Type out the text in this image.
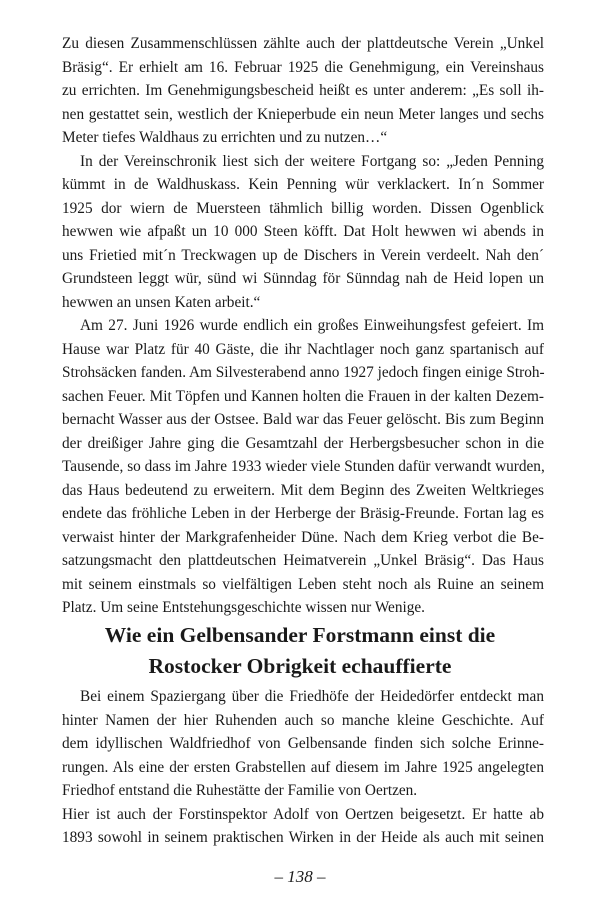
Zu diesen Zusammenschlüssen zählte auch der plattdeutsche Verein „Unkel
Bräsig“. Er erhielt am 16. Februar 1925 die Genehmigung, ein Vereinshaus
zu errichten. Im Genehmigungsbescheid heißt es unter anderem: „Es soll ih-
nen gestattet sein, westlich der Knieperbude ein neun Meter langes und sechs
Meter tiefes Waldhaus zu errichten und zu nutzen…“
In der Vereinschronik liest sich der weitere Fortgang so: „Jeden Penning
kümmt in de Waldhuskass. Kein Penning wür verklackert. In´n Sommer
1925 dor wiern de Muersteen tähmlich billig worden. Dissen Ogenblick
hewwen wie afpaßt un 10 000 Steen köfft. Dat Holt hewwen wi abends in
uns Frietied mit´n Treckwagen up de Dischers in Verein verdeelt. Nah den´
Grundsteen leggt wür, sünd wi Sünndag för Sünndag nah de Heid lopen un
hewwen an unsen Katen arbeit.“
Am 27. Juni 1926 wurde endlich ein großes Einweihungsfest gefeiert. Im
Hause war Platz für 40 Gäste, die ihr Nachtlager noch ganz spartanisch auf
Strohsäcken fanden. Am Silvesterabend anno 1927 jedoch fingen einige Stroh-
sachen Feuer. Mit Töpfen und Kannen holten die Frauen in der kalten Dezem-
bernacht Wasser aus der Ostsee. Bald war das Feuer gelöscht. Bis zum Beginn
der dreißiger Jahre ging die Gesamtzahl der Herbergsbesucher schon in die
Tausende, so dass im Jahre 1933 wieder viele Stunden dafür verwandt wurden,
das Haus bedeutend zu erweitern. Mit dem Beginn des Zweiten Weltkrieges
endete das fröhliche Leben in der Herberge der Bräsig-Freunde. Fortan lag es
verwaist hinter der Markgrafenheider Düne. Nach dem Krieg verbot die Be-
satzungsmacht den plattdeutschen Heimatverein „Unkel Bräsig“. Das Haus
mit seinem einstmals so vielfältigen Leben steht noch als Ruine an seinem
Platz. Um seine Entstehungsgeschichte wissen nur Wenige.
Wie ein Gelbensander Forstmann einst die
Rostocker Obrigkeit echauffierte
Bei einem Spaziergang über die Friedhöfe der Heidedörfer entdeckt man
hinter Namen der hier Ruhenden auch so manche kleine Geschichte. Auf
dem idyllischen Waldfriedhof von Gelbensande finden sich solche Erinne-
rungen. Als eine der ersten Grabstellen auf diesem im Jahre 1925 angelegten
Friedhof entstand die Ruhestätte der Familie von Oertzen.
Hier ist auch der Forstinspektor Adolf von Oertzen beigesetzt. Er hatte ab
1893 sowohl in seinem praktischen Wirken in der Heide als auch mit seinen
– 138 –
